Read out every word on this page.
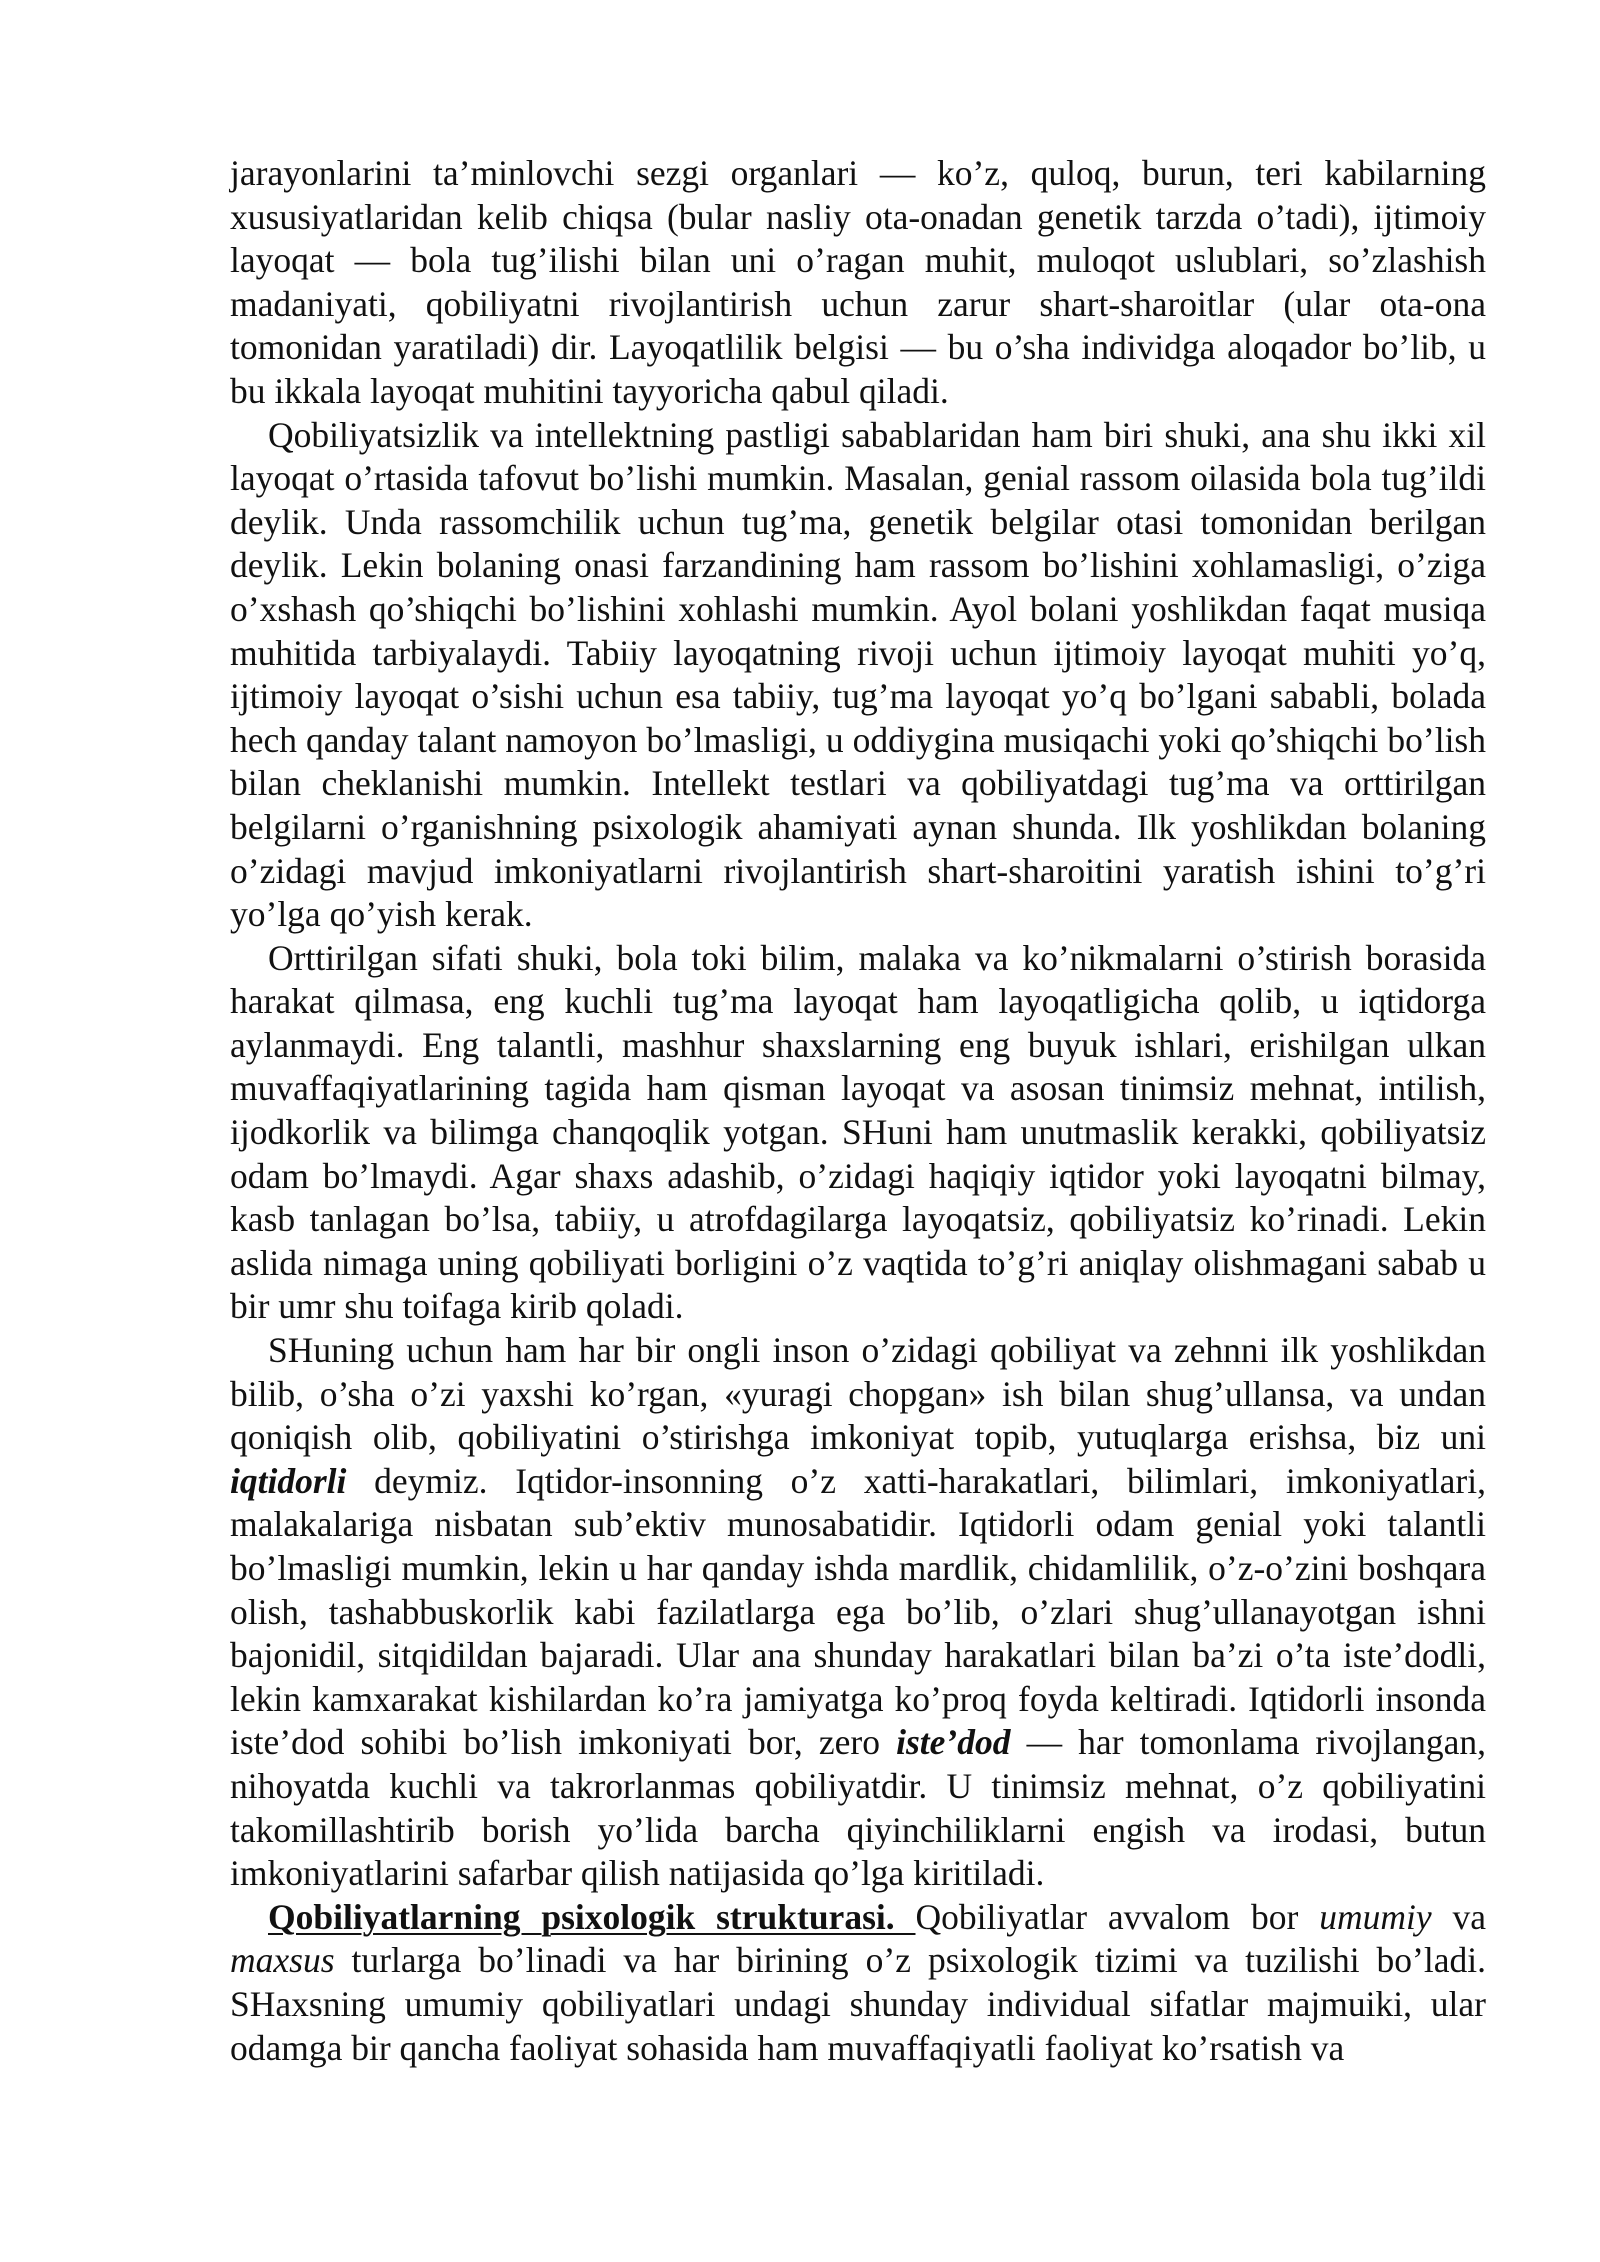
jarayonlarini ta’minlovchi sezgi organlari — ko’z, quloq, burun, teri kabilarning xususiyatlaridan kelib chiqsa (bular nasliy ota-onadan genetik tarzda o’tadi), ijtimoiy layoqat — bola tug’ilishi bilan uni o’ragan muhit, muloqot uslublari, so’zlashish madaniyati, qobiliyatni rivojlantirish uchun zarur shart-sharoitlar (ular ota-ona tomonidan yaratiladi) dir. Layoqatlilik belgisi — bu o’sha individga aloqador bo’lib, u bu ikkala layoqat muhitini tayyoricha qabul qiladi.

Qobiliyatsizlik va intellektning pastligi sabablaridan ham biri shuki, ana shu ikki xil layoqat o’rtasida tafovut bo’lishi mumkin. Masalan, genial rassom oilasida bola tug’ildi deylik. Unda rassomchilik uchun tug’ma, genetik belgilar otasi tomonidan berilgan deylik. Lekin bolaning onasi farzandining ham rassom bo’lishini xohlamasligi, o’ziga o’xshash qo’shiqchi bo’lishini xohlashi mumkin. Ayol bolani yoshlikdan faqat musiqa muhitida tarbiyalaydi. Tabiiy layoqatning rivoji uchun ijtimoiy layoqat muhiti yo’q, ijtimoiy layoqat o’sishi uchun esa tabiiy, tug’ma layoqat yo’q bo’lgani sababli, bolada hech qanday talant namoyon bo’lmasligi, u oddiygina musiqachi yoki qo’shiqchi bo’lish bilan cheklanishi mumkin. Intellekt testlari va qobiliyatdagi tug’ma va orttirilgan belgilarni o’rganishning psixologik ahamiyati aynan shunda. Ilk yoshlikdan bolaning o’zidagi mavjud imkoniyatlarni rivojlantirish shart-sharoitini yaratish ishini to’g’ri yo’lga qo’yish kerak.

Orttirilgan sifati shuki, bola toki bilim, malaka va ko’nikmalarni o’stirish borasida harakat qilmasa, eng kuchli tug’ma layoqat ham layoqatligicha qolib, u iqtidorga aylanmaydi. Eng talantli, mashhur shaxslarning eng buyuk ishlari, erishilgan ulkan muvaffaqiyatlarining tagida ham qisman layoqat va asosan tinimsiz mehnat, intilish, ijodkorlik va bilimga chanqoqlik yotgan. SHuni ham unutmaslik kerakki, qobiliyatsiz odam bo’lmaydi. Agar shaxs adashib, o’zidagi haqiqiy iqtidor yoki layoqatni bilmay, kasb tanlagan bo’lsa, tabiiy, u atrofdagilarga layoqatsiz, qobiliyatsiz ko’rinadi. Lekin aslida nimaga uning qobiliyati borligini o’z vaqtida to’g’ri aniqlay olishmagani sabab u bir umr shu toifaga kirib qoladi.

SHuning uchun ham har bir ongli inson o’zidagi qobiliyat va zehnni ilk yoshlikdan bilib, o’sha o’zi yaxshi ko’rgan, «yuragi chopgan» ish bilan shug’ullansa, va undan qoniqish olib, qobiliyatini o’stirishga imkoniyat topib, yutuqlarga erishsa, biz uni iqtidorli deymiz. Iqtidor-insonning o’z xatti-harakatlari, bilimlari, imkoniyatlari, malakalariga nisbatan sub’ektiv munosabatidir. Iqtidorli odam genial yoki talantli bo’lmasligi mumkin, lekin u har qanday ishda mardlik, chidamlilik, o’z-o’zini boshqara olish, tashabbuskorlik kabi fazilatlarga ega bo’lib, o’zlari shug’ullanayotgan ishni bajonidil, sitqidildan bajaradi. Ular ana shunday harakatlari bilan ba’zi o’ta iste’dodli, lekin kamxarakat kishilardan ko’ra jamiyatga ko’proq foyda keltiradi. Iqtidorli insonda iste’dod sohibi bo’lish imkoniyati bor, zero iste’dod — har tomonlama rivojlangan, nihoyatda kuchli va takrorlanmas qobiliyatdir. U tinimsiz mehnat, o’z qobiliyatini takomillashtirib borish yo’lida barcha qiyinchiliklarni engish va irodasi, butun imkoniyatlarini safarbar qilish natijasida qo’lga kiritiladi.

Qobiliyatlarning psixologik strukturasi. Qobiliyatlar avvalom bor umumiy va maxsus turlarga bo’linadi va har birining o’z psixologik tizimi va tuzilishi bo’ladi. SHaxsning umumiy qobiliyatlari undagi shunday individual sifatlar majmuiki, ular odamga bir qancha faoliyat sohasida ham muvaffaqiyatli faoliyat ko’rsatish va
